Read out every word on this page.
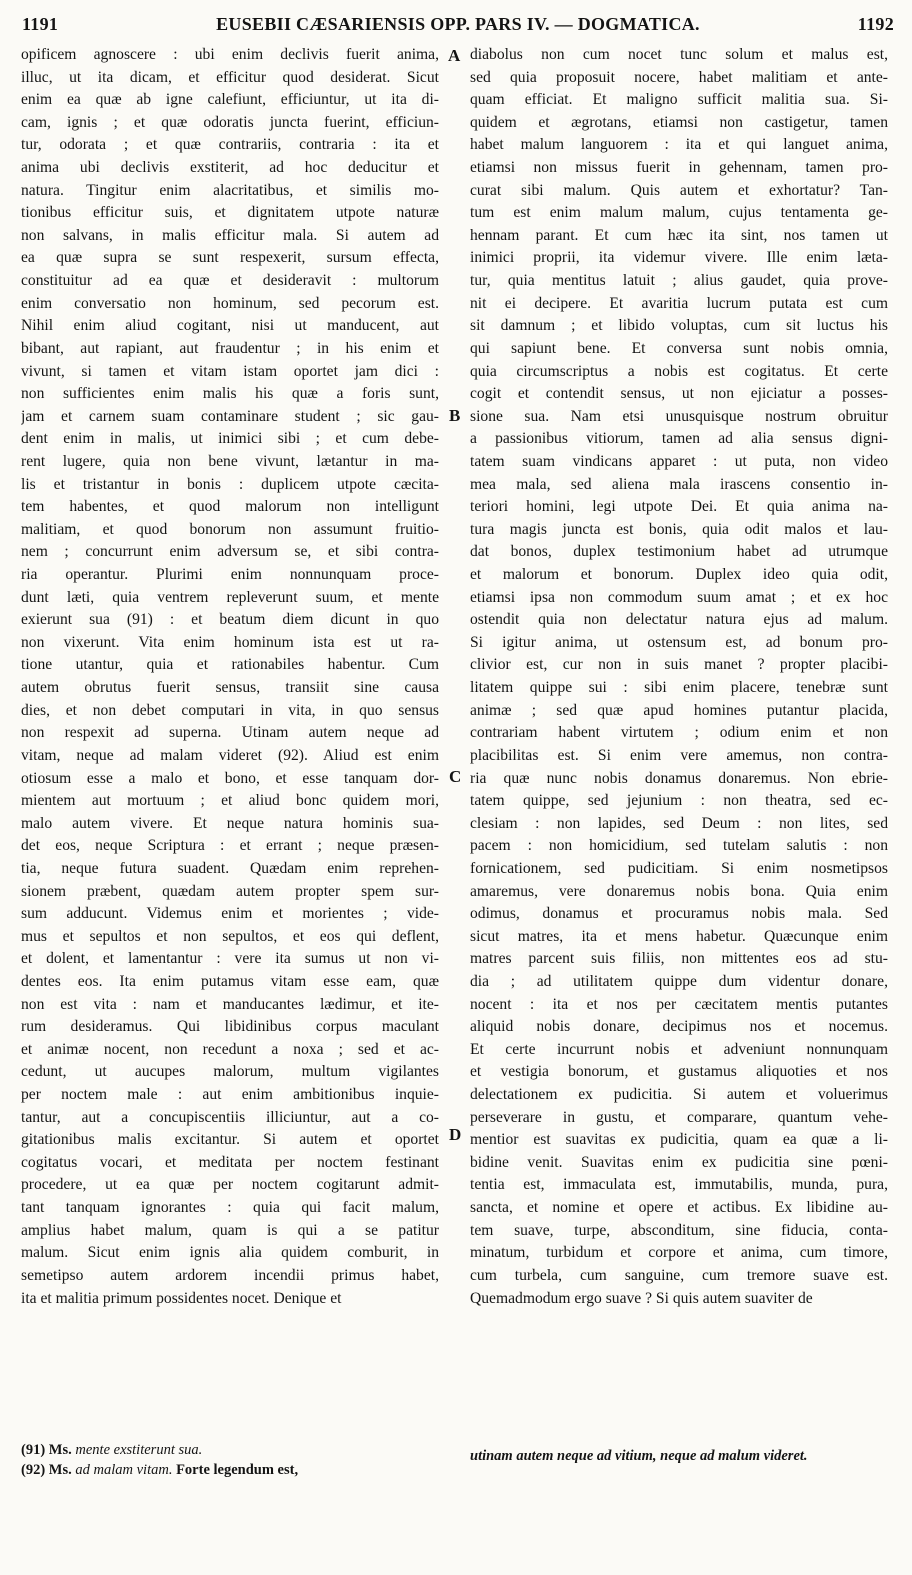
1191	EUSEBII CÆSARIENSIS OPP. PARS IV. — DOGMATICA.	1192
opificem agnoscere : ubi enim declivis fuerit anima,
illuc, ut ita dicam, et efficitur quod desiderat. Sicut
enim ea quæ ab igne calefiunt, efficiuntur, ut ita di-
cam, ignis ; et quæ odoratis juncta fuerint, efficiun-
tur, odorata ; et quæ contrariis, contraria : ita et
anima ubi declivis exstiterit, ad hoc deducitur et
natura. Tingitur enim alacritatibus, et similis mo-
tionibus efficitur suis, et dignitatem utpote naturæ
non salvans, in malis efficitur mala. Si autem ad
ea quæ supra se sunt respexerit, sursum effecta,
constituitur ad ea quæ et desideravit : multorum
enim conversatio non hominum, sed pecorum est.
Nihil enim aliud cogitant, nisi ut manducent, aut
bibant, aut rapiant, aut fraudentur ; in his enim et
vivunt, si tamen et vitam istam oportet jam dici :
non sufficientes enim malis his quæ a foris sunt,
jam et carnem suam contaminare student ; sic gau-
dent enim in malis, ut inimici sibi ; et cum debe-
rent lugere, quia non bene vivunt, lætantur in ma-
lis et tristantur in bonis : duplicem utpote cæcita-
tem habentes, et quod malorum non intelligunt
malitiam, et quod bonorum non assumunt fruitio-
nem ; concurrunt enim adversum se, et sibi contra-
ria operantur. Plurimi enim nonnunquam proce-
dunt læti, quia ventrem repleverunt suum, et mente
exierunt sua (91) : et beatum diem dicunt in quo
non vixerunt. Vita enim hominum ista est ut ra-
tione utantur, quia et rationabiles habentur. Cum
autem obrutus fuerit sensus, transiit sine causa
dies, et non debet computari in vita, in quo sensus
non respexit ad superna. Utinam autem neque ad
vitam, neque ad malam videret (92). Aliud est enim
otiosum esse a malo et bono, et esse tanquam dor-
mientem aut mortuum ; et aliud bonc quidem mori,
malo autem vivere. Et neque natura hominis sua-
det eos, neque Scriptura : et errant ; neque præsen-
tia, neque futura suadent. Quædam enim reprehen-
sionem præbent, quædam autem propter spem sur-
sum adducunt. Videmus enim et morientes ; vide-
mus et sepultos et non sepultos, et eos qui deflent,
et dolent, et lamentantur : vere ita sumus ut non vi-
dentes eos. Ita enim putamus vitam esse eam, quæ
non est vita : nam et manducantes lædimur, et ite-
rum desideramus. Qui libidinibus corpus maculant
et animæ nocent, non recedunt a noxa ; sed et ac-
cedunt, ut aucupes malorum, multum vigilantes
per noctem male : aut enim ambitionibus inquie-
tantur, aut a concupiscentiis illiciuntur, aut a co-
gitationibus malis excitantur. Si autem et oportet
cogitatus vocari, et meditata per noctem festinant
procedere, ut ea quæ per noctem cogitarunt admit-
tant tanquam ignorantes : quia qui facit malum,
amplius habet malum, quam is qui a se patitur
malum. Sicut enim ignis alia quidem comburit, in
semetipso autem ardorem incendii primus habet,
ita et malitia primum possidentes nocet. Denique et
diabolus non cum nocet tunc solum et malus est,
sed quia proposuit nocere, habet malitiam et ante-
quam efficiat. Et maligno sufficit malitia sua. Si-
quidem et ægrotans, etiamsi non castigetur, tamen
habet malum languorem : ita et qui languet anima,
etiamsi non missus fuerit in gehennam, tamen pro-
curat sibi malum. Quis autem et exhortatur? Tan-
tum est enim malum malum, cujus tentamenta ge-
hennam parant. Et cum hæc ita sint, nos tamen ut
inimici proprii, ita videmur vivere. Ille enim læta-
tur, quia mentitus latuit ; alius gaudet, quia prove-
nit ei decipere. Et avaritia lucrum putata est cum
sit damnum ; et libido voluptas, cum sit luctus his
qui sapiunt bene. Et conversa sunt nobis omnia,
quia circumscriptus a nobis est cogitatus. Et certe
cogit et contendit sensus, ut non ejiciatur a posses-
sione sua. Nam etsi unusquisque nostrum obruitur
a passionibus vitiorum, tamen ad alia sensus digni-
tatem suam vindicans apparet : ut puta, non video
mea mala, sed aliena mala irascens consentio in-
teriori homini, legi utpote Dei. Et quia anima na-
tura magis juncta est bonis, quia odit malos et lau-
dat bonos, duplex testimonium habet ad utrumque
et malorum et bonorum. Duplex ideo quia odit,
etiamsi ipsa non commodum suum amat ; et ex hoc
ostendit quia non delectatur natura ejus ad malum.
Si igitur anima, ut ostensum est, ad bonum pro-
clivior est, cur non in suis manet ? propter placibi-
litatem quippe sui : sibi enim placere, tenebræ sunt
animæ ; sed quæ apud homines putantur placida,
contrariam habent virtutem ; odium enim et non
placibilitas est. Si enim vere amemus, non contra-
ria quæ nunc nobis donamus donaremus. Non ebrie-
tatem quippe, sed jejunium : non theatra, sed ec-
clesiam : non lapides, sed Deum : non lites, sed
pacem : non homicidium, sed tutelam salutis : non
fornicationem, sed pudicitiam. Si enim nosmetipsos
amaremus, vere donaremus nobis bona. Quia enim
odimus, donamus et procuramus nobis mala. Sed
sicut matres, ita et mens habetur. Quæcunque enim
matres parcent suis filiis, non mittentes eos ad stu-
dia ; ad utilitatem quippe dum videntur donare,
nocent : ita et nos per cæcitatem mentis putantes
aliquid nobis donare, decipimus nos et nocemus.
Et certe incurrunt nobis et adveniunt nonnunquam
et vestigia bonorum, et gustamus aliquoties et nos
delectationem ex pudicitia. Si autem et voluerimus
perseverare in gustu, et comparare, quantum vehe-
mentior est suavitas ex pudicitia, quam ea quæ a li-
bidine venit. Suavitas enim ex pudicitia sine pœni-
tentia est, immaculata est, immutabilis, munda, pura,
sancta, et nomine et opere et actibus. Ex libidine au-
tem suave, turpe, absconditum, sine fiducia, conta-
minatum, turbidum et corpore et anima, cum timore,
cum turbela, cum sanguine, cum tremore suave est.
Quemadmodum ergo suave ? Si quis autem suaviter de
A
B
C
D
(91) Ms. mente exstiterunt sua.
(92) Ms. ad malam vitam. Forte legendum est,
utinam autem neque ad vitium, neque ad malum videret.
